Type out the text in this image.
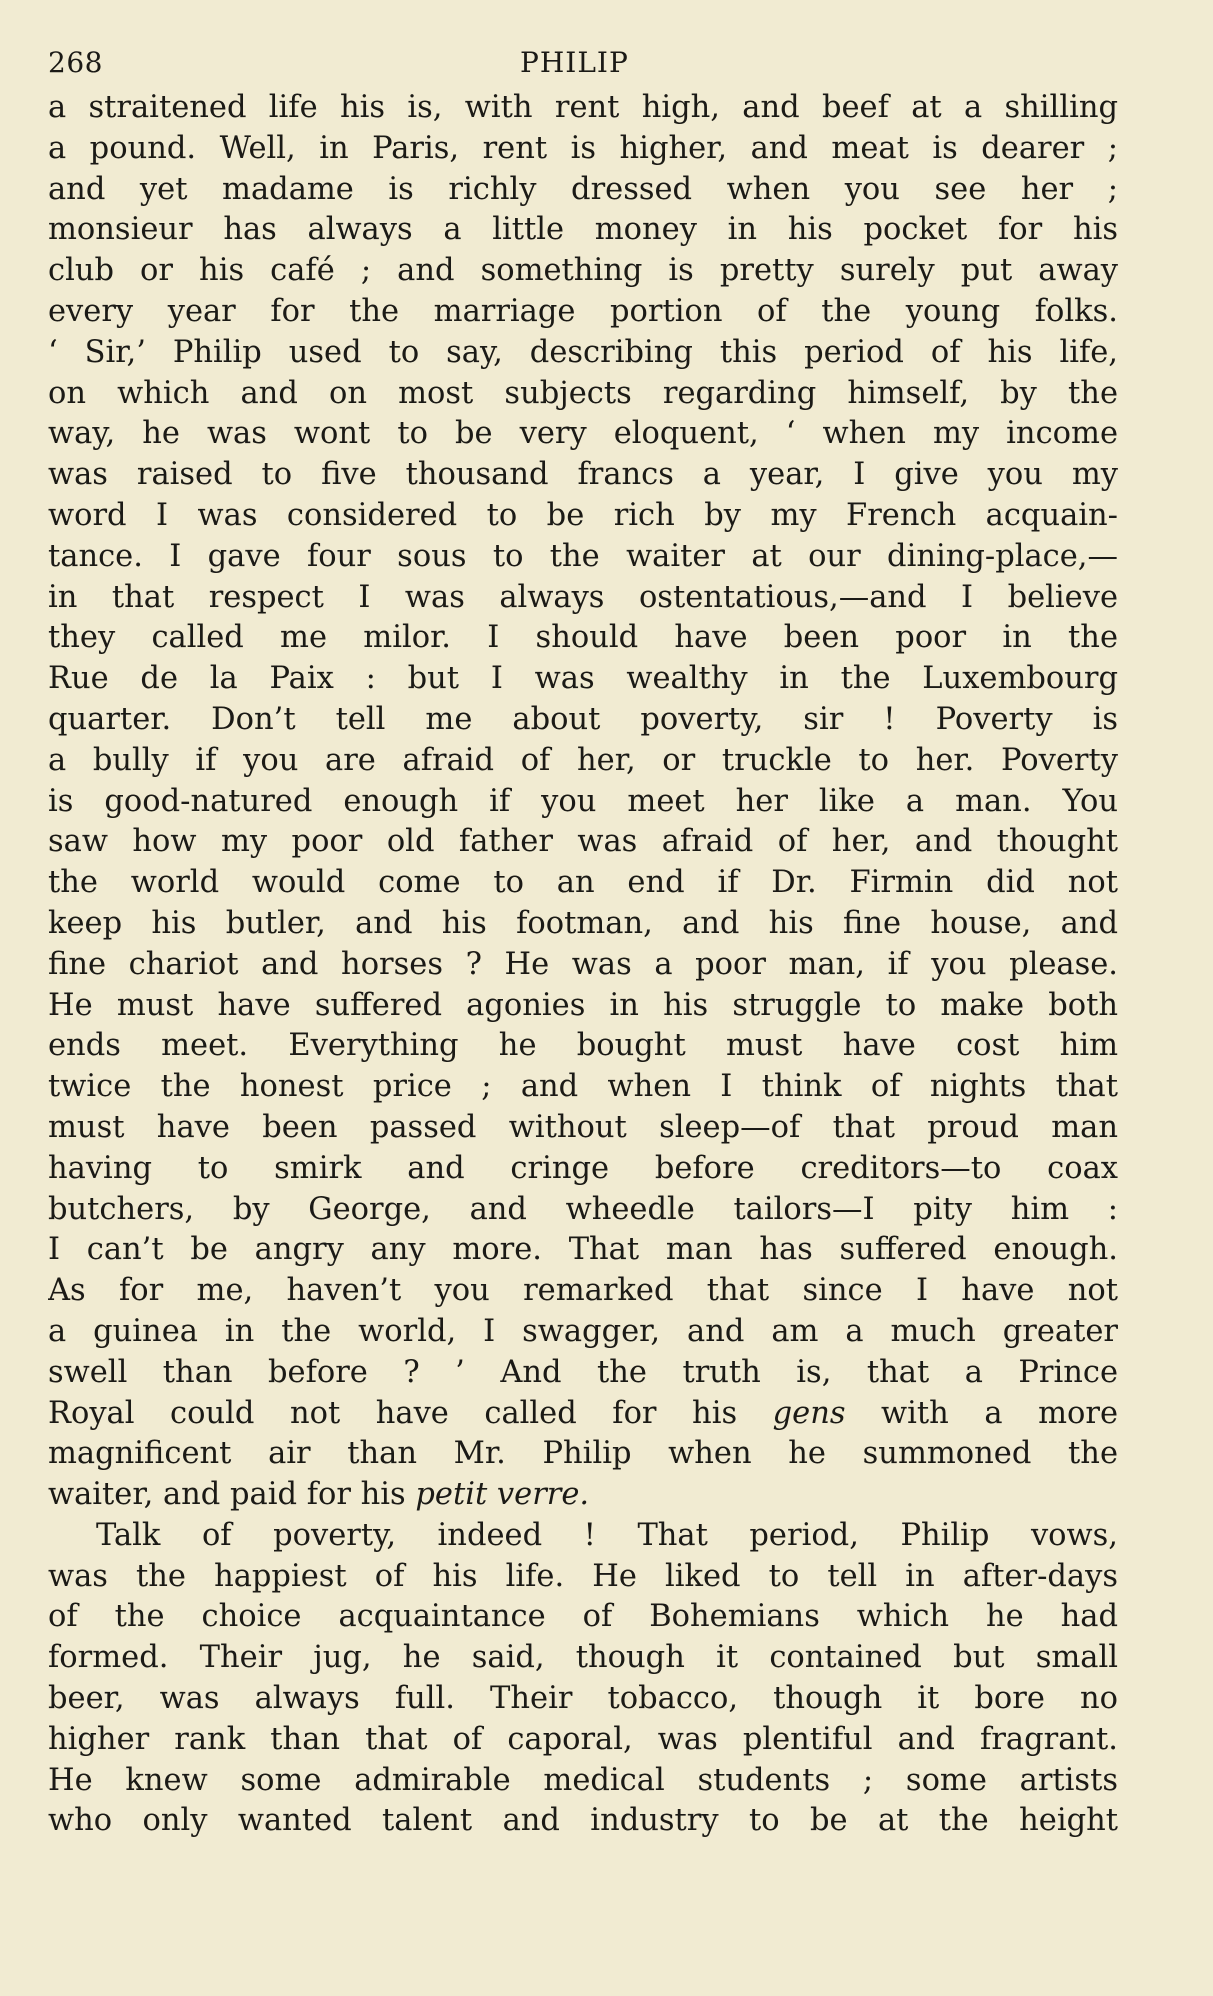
268	PHILIP
a straitened life his is, with rent high, and beef at a shilling
a pound. Well, in Paris, rent is higher, and meat is dearer ;
and yet madame is richly dressed when you see her ;
monsieur has always a little money in his pocket for his
club or his café ; and something is pretty surely put away
every year for the marriage portion of the young folks.
‘ Sir,’ Philip used to say, describing this period of his life,
on which and on most subjects regarding himself, by the
way, he was wont to be very eloquent, ‘ when my income
was raised to five thousand francs a year, I give you my
word I was considered to be rich by my French acquain-
tance. I gave four sous to the waiter at our dining-place,—
in that respect I was always ostentatious,—and I believe
they called me milor. I should have been poor in the
Rue de la Paix : but I was wealthy in the Luxembourg
quarter. Don’t tell me about poverty, sir ! Poverty is
a bully if you are afraid of her, or truckle to her. Poverty
is good-natured enough if you meet her like a man. You
saw how my poor old father was afraid of her, and thought
the world would come to an end if Dr. Firmin did not
keep his butler, and his footman, and his fine house, and
fine chariot and horses ? He was a poor man, if you please.
He must have suffered agonies in his struggle to make both
ends meet. Everything he bought must have cost him
twice the honest price ; and when I think of nights that
must have been passed without sleep—of that proud man
having to smirk and cringe before creditors—to coax
butchers, by George, and wheedle tailors—I pity him :
I can’t be angry any more. That man has suffered enough.
As for me, haven’t you remarked that since I have not
a guinea in the world, I swagger, and am a much greater
swell than before ? ’ And the truth is, that a Prince
Royal could not have called for his gens with a more
magnificent air than Mr. Philip when he summoned the
waiter, and paid for his petit verre.
Talk of poverty, indeed ! That period, Philip vows,
was the happiest of his life. He liked to tell in after-days
of the choice acquaintance of Bohemians which he had
formed. Their jug, he said, though it contained but small
beer, was always full. Their tobacco, though it bore no
higher rank than that of caporal, was plentiful and fragrant.
He knew some admirable medical students ; some artists
who only wanted talent and industry to be at the height
